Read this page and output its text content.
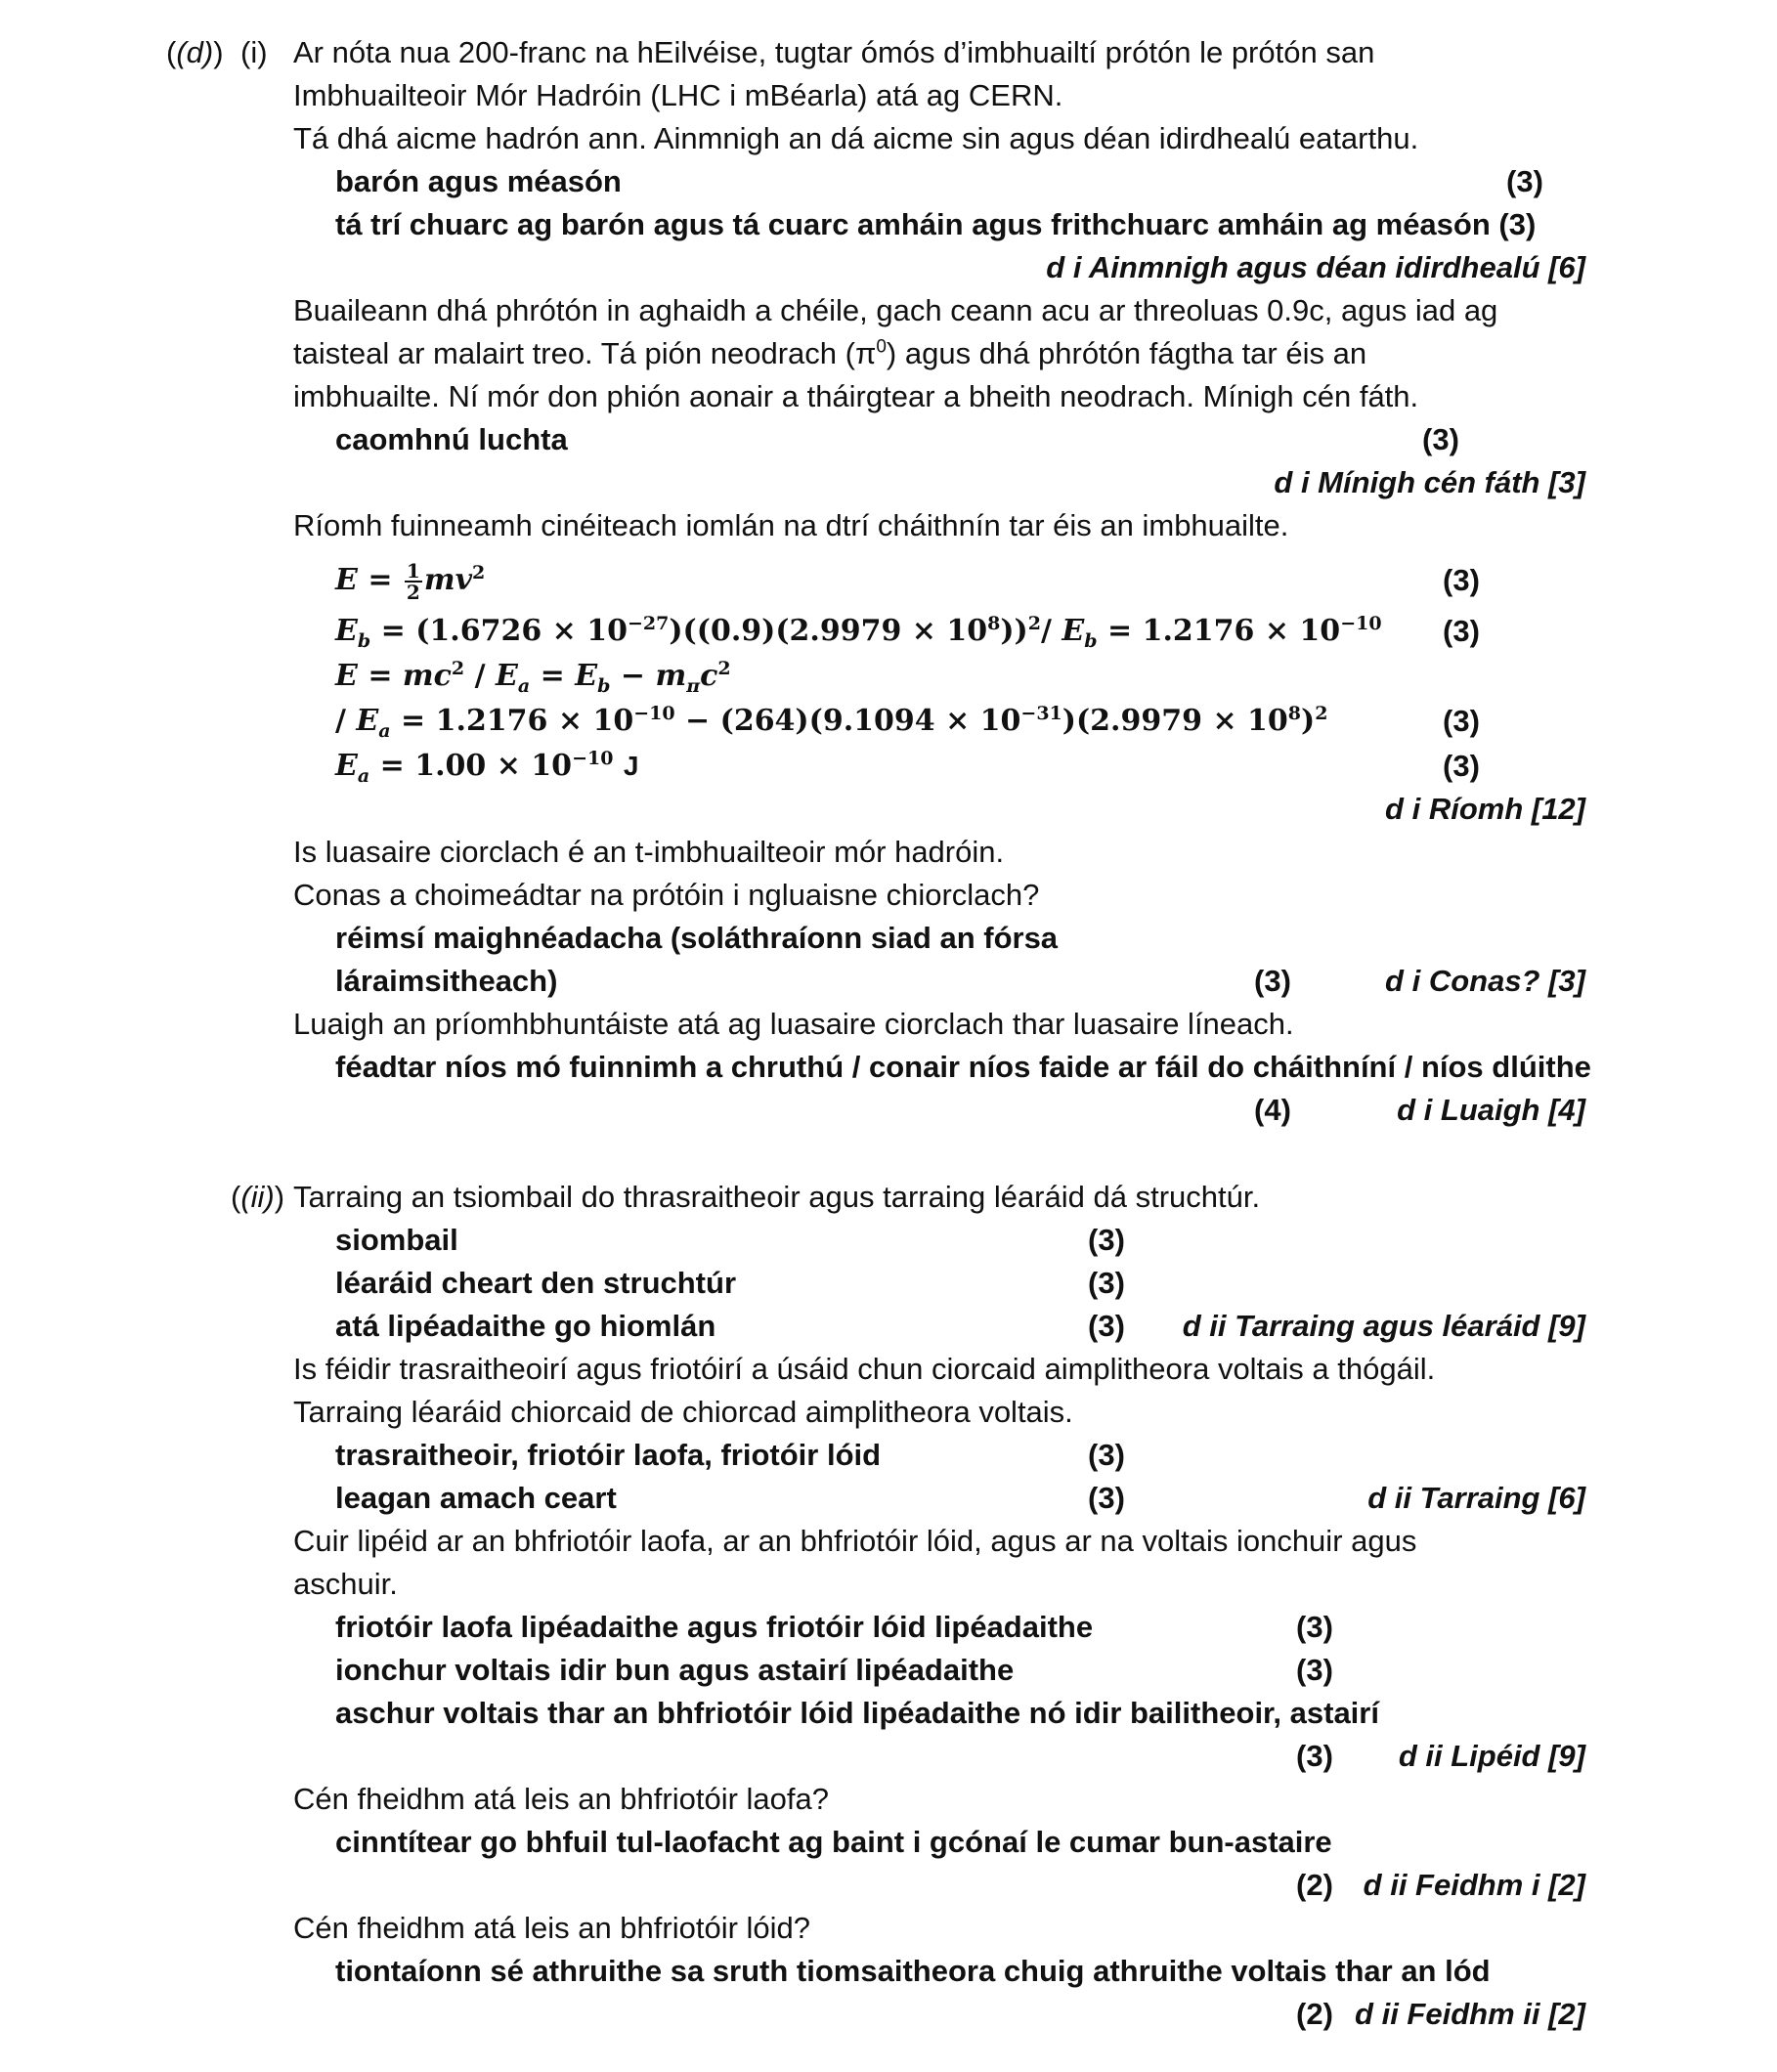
((d)) (i) Ar nóta nua 200-franc na hEilvéise, tugtar ómós d’imbhuailtí prótón le prótón san
Imbhuailteoir Mór Hadróin (LHC i mBéarla) atá ag CERN.
Tá dhá aicme hadrón ann. Ainmnigh an dá aicme sin agus déan idirdhealú eatarthu.
barón agus méasón	(3)
tá trí chuarc ag barón agus tá cuarc amháin agus frithchuarc amháin ag méasón (3)
d i Ainmnigh agus déan idirdhealú [6]
Buaileann dhá phrótón in aghaidh a chéile, gach ceann acu ar threoluas 0.9c, agus iad ag
taisteal ar malairt treo. Tá pión neodrach $(\pi^0)$ agus dhá phrótón fágtha tar éis an
imbhuailte. Ní mór don phión aonair a tháirgtear a bheith neodrach. Mínigh cén fáth.
caomhnú luchta	(3)
d i Mínigh cén fáth [3]
Ríomh fuinneamh cinéiteach iomlán na dtrí cháithnín tar éis an imbhuailte.
$E = \frac{1}{2} mv^2$	(3)
$E_b = (1.6726 \times 10^{-27})((0.9)(2.9979 \times 10^8))^2/$ $E_b = 1.2176 \times 10^{-10}$ (3)
$E = mc^2 / E_a = E_b - m_\pi c^2$
/ $E_a = 1.2176 \times 10^{-10} - (264)(9.1094 \times 10^{-31})(2.9979 \times 10^8)^2$	(3)
$E_a = 1.00 \times 10^{-10}$ J	(3)
d i Ríomh [12]
Is luasaire ciorclach é an t-imbhuailteoir mór hadróin.
Conas a choimeádtar na prótóin i ngluaisne chiorclach?
réimsí maighnéadacha (soláthraíonn siad an fórsa
láraimsitheach)	(3)	d i Conas? [3]
Luaigh an príomhbhuntáiste atá ag luasaire ciorclach thar luasaire líneach.
féadtar níos mó fuinnimh a chruthú / conair níos faide ar fáil do cháithníní / níos dlúithe
(4)	d i Luaigh [4]
((ii)) Tarraing an tsiombail do thrasraitheoir agus tarraing léaráid dá struchtúr.
siombail	(3)
léaráid cheart den struchtúr	(3)
atá lipéadaithe go hiomlán	(3) d ii Tarraing agus léaráid [9]
Is féidir trasraitheoirí agus friotóirí a úsáid chun ciorcaid aimplitheora voltais a thógáil.
Tarraing léaráid chiorcaid de chiorcad aimplitheora voltais.
trasraitheoir, friotóir laofa, friotóir lóid	(3)
leagan amach ceart	(3)	d ii Tarraing [6]
Cuir lipéid ar an bhfriotóir laofa, ar an bhfriotóir lóid, agus ar na voltais ionchuir agus
aschuir.
friotóir laofa lipéadaithe agus friotóir lóid lipéadaithe	(3)
ionchur voltais idir bun agus astairí lipéadaithe	(3)
aschur voltais thar an bhfriotóir lóid lipéadaithe nó idir bailitheoir, astairí
(3) d ii Lipéid [9]
Cén fheidhm atá leis an bhfriotóir laofa?
cinntítear go bhfuil tul-laofacht ag baint i gcónaí le cumar bun-astaire
(2) d ii Feidhm i [2]
Cén fheidhm atá leis an bhfriotóir lóid?
tiontaíonn sé athruithe sa sruth tiomsaitheora chuig athruithe voltais thar an lód
(2) d ii Feidhm ii [2]
